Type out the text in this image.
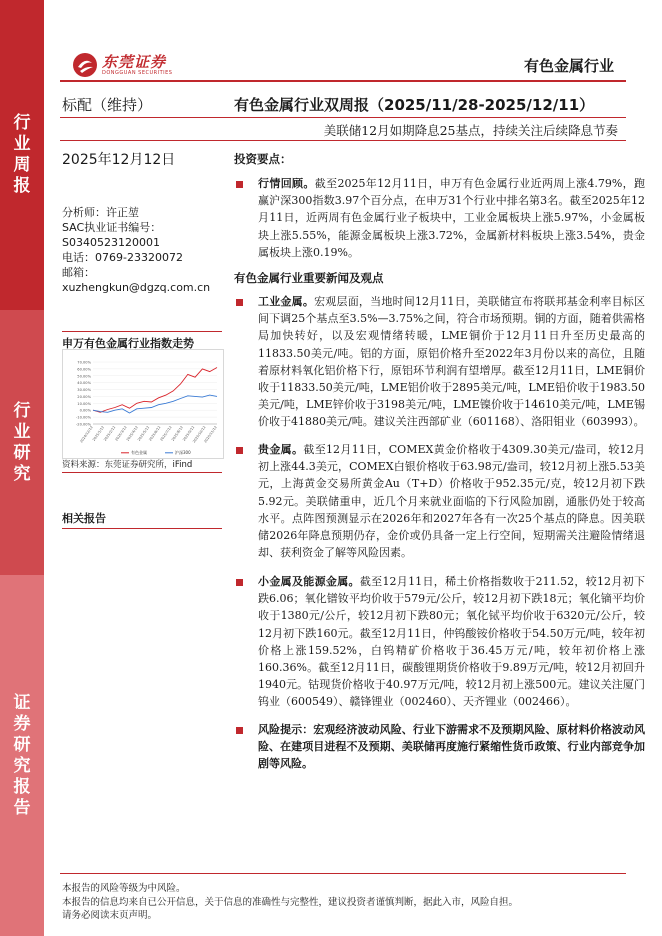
行业周报
行业研究
证券研究报告
东莞证券
DONGGUAN SECURITIES	有色金属行业
标配（维持）	有色金属行业双周报（2025/11/28-2025/12/11）
美联储12月如期降息25基点，持续关注后续降息节奏
2025年12月12日
分析师：许正堃
SAC执业证书编号：
S0340523120001
电话：0769-23320072
邮箱：
xuzhengkun@dgzq.com.cn
申万有色金属行业指数走势
70.00%
60.00%
50.00%
40.00%
30.00%
20.00%
10.00%
0.00%
-10.00%
-20.00%
2024/12/12
2025/1/12
2025/2/12
2025/3/12
2025/4/12
2025/5/12
2025/6/12
2025/7/12
2025/8/12
2025/9/12
2025/10/12
2025/11/12
有色金属	沪深300
资料来源：东莞证券研究所，iFind
相关报告
投资要点：
行情回顾。截至2025年12月11日，申万有色金属行业近两周上涨4.79%，跑赢沪深300指数3.97个百分点，在申万31个行业中排名第3名。截至2025年12月11日，近两周有色金属行业子板块中，工业金属板块上涨5.97%，小金属板块上涨5.55%，能源金属板块上涨3.72%，金属新材料板块上涨3.54%，贵金属板块上涨0.19%。
有色金属行业重要新闻及观点
工业金属。宏观层面，当地时间12月11日，美联储宣布将联邦基金利率目标区间下调25个基点至3.5%—3.75%之间，符合市场预期。铜的方面，随着供需格局加快转好，以及宏观情绪转暖，LME铜价于12月11日升至历史最高的11833.50美元/吨。铝的方面，原铝价格升至2022年3月份以来的高位，且随着原材料氧化铝价格下行，原铝环节利润有望增厚。截至12月11日，LME铜价收于11833.50美元/吨，LME铝价收于2895美元/吨，LME铅价收于1983.50美元/吨，LME锌价收于3198美元/吨，LME镍价收于14610美元/吨，LME锡价收于41880美元/吨。建议关注西部矿业（601168）、洛阳钼业（603993）。
贵金属。截至12月11日，COMEX黄金价格收于4309.30美元/盎司，较12月初上涨44.3美元，COMEX白银价格收于63.98元/盎司，较12月初上涨5.53美元，上海黄金交易所黄金Au（T+D）价格收于952.35元/克，较12月初下跌5.92元。美联储重申，近几个月来就业面临的下行风险加剧，通胀仍处于较高水平。点阵图预测显示在2026年和2027年各有一次25个基点的降息。因美联储2026年降息预期仍存，金价或仍具备一定上行空间，短期需关注避险情绪退却、获利资金了解等风险因素。
小金属及能源金属。截至12月11日，稀土价格指数收于211.52，较12月初下跌6.06；氧化镨钕平均价收于579元/公斤，较12月初下跌18元；氧化镝平均价收于1380元/公斤，较12月初下跌80元；氧化铽平均价收于6320元/公斤，较12月初下跌160元。截至12月11日，仲钨酸铵价格收于54.50万元/吨，较年初价格上涨159.52%，白钨精矿价格收于36.45万元/吨，较年初价格上涨160.36%。截至12月11日，碳酸锂期货价格收于9.89万元/吨，较12月初回升1940元。钴现货价格收于40.97万元/吨，较12月初上涨500元。建议关注厦门钨业（600549）、赣锋锂业（002460）、天齐锂业（002466）。
风险提示：宏观经济波动风险、行业下游需求不及预期风险、原材料价格波动风险、在建项目进程不及预期、美联储再度施行紧缩性货币政策、行业内部竞争加剧等风险。
本报告的风险等级为中风险。
本报告的信息均来自已公开信息，关于信息的准确性与完整性，建议投资者谨慎判断，据此入市，风险自担。
请务必阅读末页声明。
